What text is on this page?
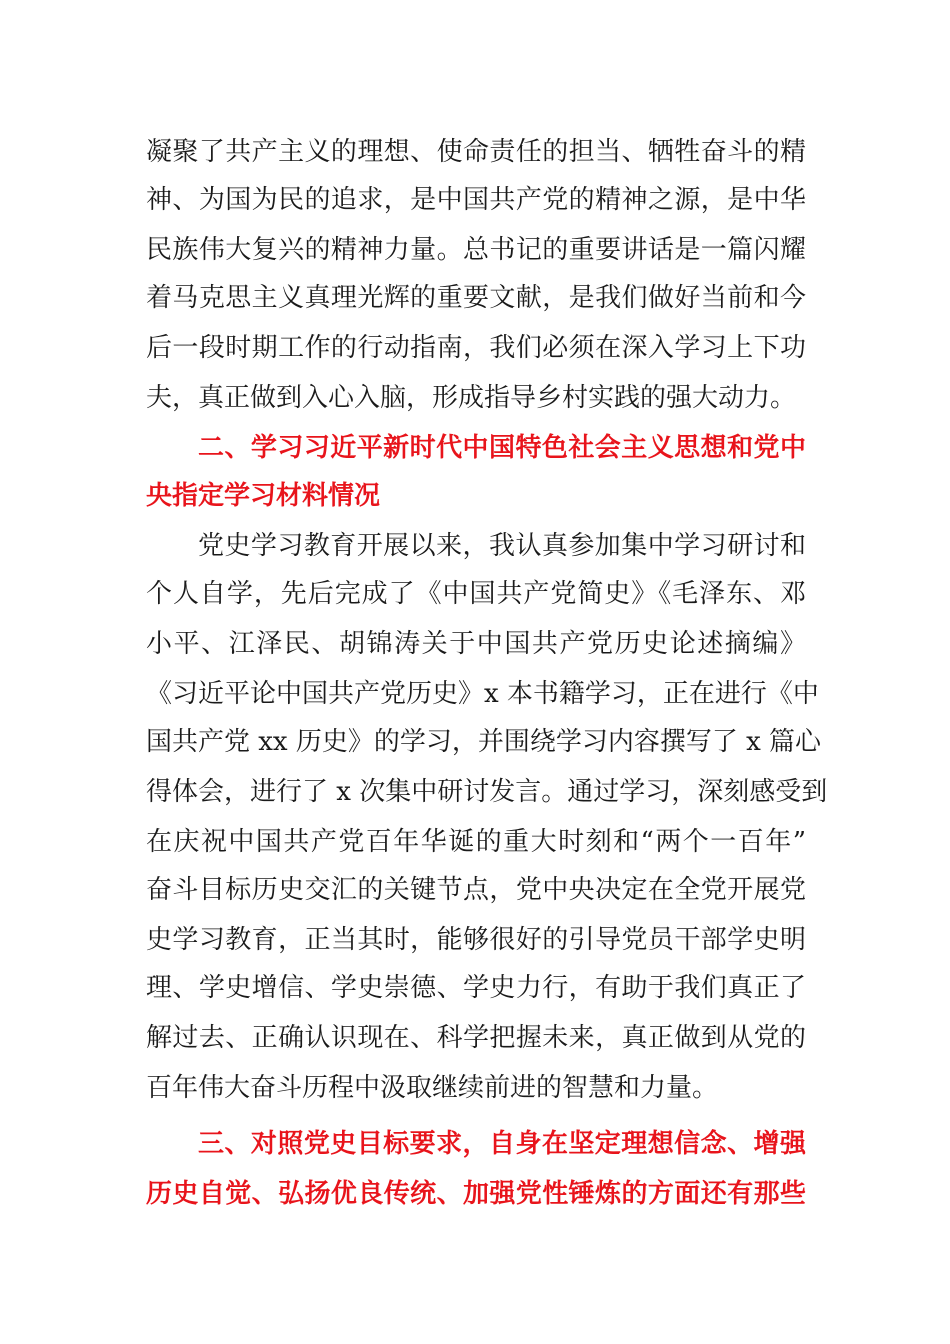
凝聚了共产主义的理想、使命责任的担当、牺牲奋斗的精
神、为国为民的追求，是中国共产党的精神之源，是中华
民族伟大复兴的精神力量。总书记的重要讲话是一篇闪耀
着马克思主义真理光辉的重要文献，是我们做好当前和今
后一段时期工作的行动指南，我们必须在深入学习上下功
夫，真正做到入心入脑，形成指导乡村实践的强大动力。
二、学习习近平新时代中国特色社会主义思想和党中
央指定学习材料情况
党史学习教育开展以来，我认真参加集中学习研讨和
个人自学，先后完成了《中国共产党简史》《毛泽东、邓
小平、江泽民、胡锦涛关于中国共产党历史论述摘编》
《习近平论中国共产党历史》x 本书籍学习，正在进行《中
国共产党 xx 历史》的学习，并围绕学习内容撰写了 x 篇心
得体会，进行了 x 次集中研讨发言。通过学习，深刻感受到
在庆祝中国共产党百年华诞的重大时刻和“两个一百年”
奋斗目标历史交汇的关键节点，党中央决定在全党开展党
史学习教育，正当其时，能够很好的引导党员干部学史明
理、学史增信、学史崇德、学史力行，有助于我们真正了
解过去、正确认识现在、科学把握未来，真正做到从党的
百年伟大奋斗历程中汲取继续前进的智慧和力量。
三、对照党史目标要求，自身在坚定理想信念、增强
历史自觉、弘扬优良传统、加强党性锤炼的方面还有那些
